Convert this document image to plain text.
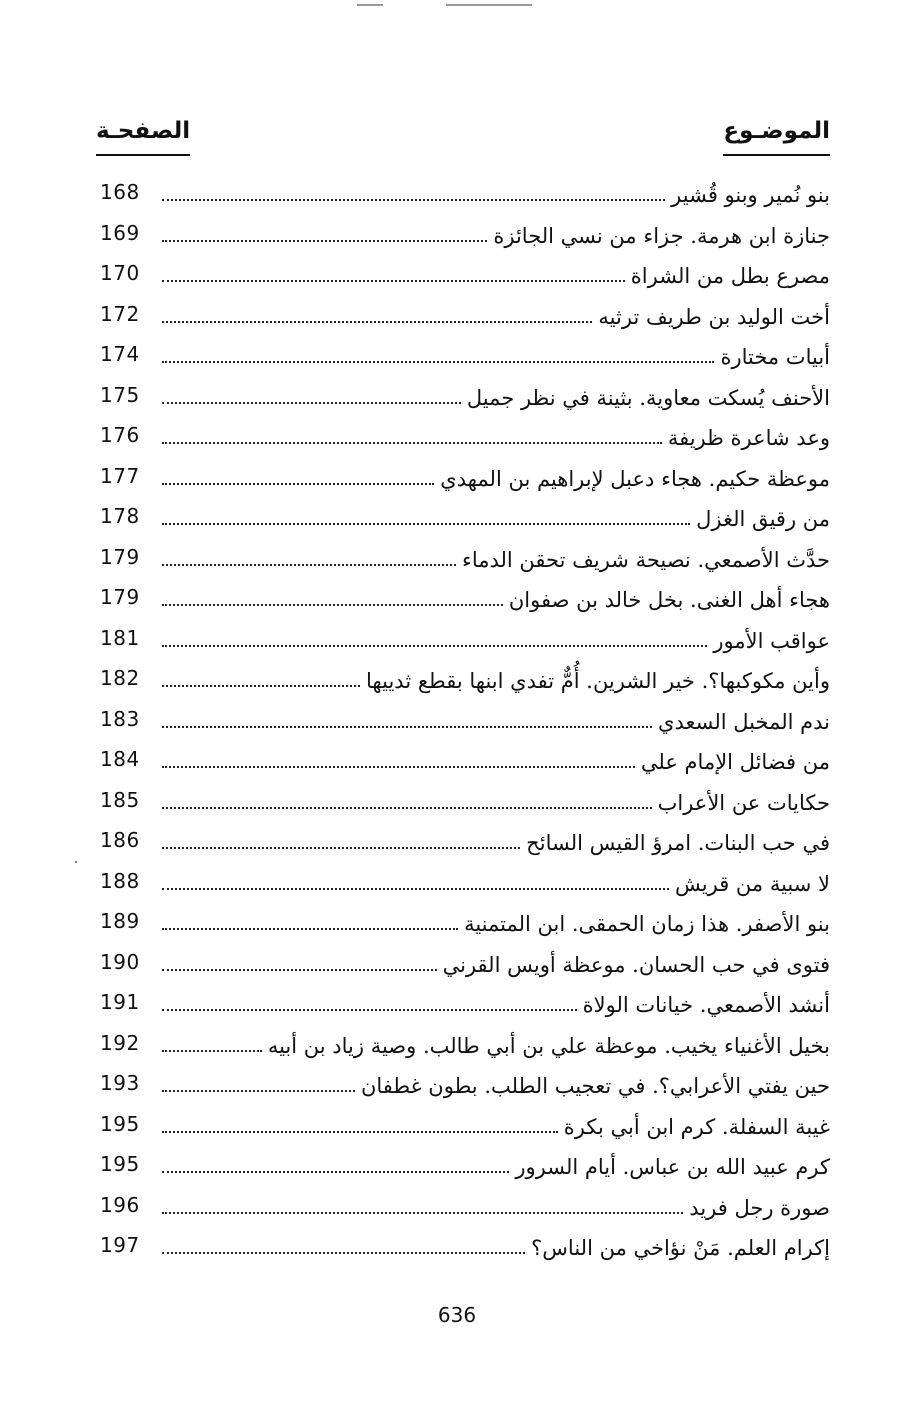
الموضـوع
الصفحـة
168	بنو نُمير وبنو قُشير
169	جنازة ابن هرمة. جزاء من نسي الجائزة
170	مصرع بطل من الشراة
172	أخت الوليد بن طريف ترثيه
174	أبيات مختارة
175	الأحنف يُسكت معاوية. بثينة في نظر جميل
176	وعد شاعرة ظريفة
177	موعظة حكيم. هجاء دعبل لإبراهيم بن المهدي
178	من رقيق الغزل
179	حدَّث الأصمعي. نصيحة شريف تحقن الدماء
179	هجاء أهل الغنى. بخل خالد بن صفوان
181	عواقب الأمور
182	وأين مكوكبها؟. خير الشرين. أُمٌّ تفدي ابنها بقطع ثدييها
183	ندم المخبل السعدي
184	من فضائل الإمام علي
185	حكايات عن الأعراب
186	في حب البنات. امرؤ القيس السائح
188	لا سبية من قريش
189	بنو الأصفر. هذا زمان الحمقى. ابن المتمنية
190	فتوى في حب الحسان. موعظة أويس القرني
191	أنشد الأصمعي. خيانات الولاة
192	بخيل الأغنياء يخيب. موعظة علي بن أبي طالب. وصية زياد بن أبيه
193	حين يفتي الأعرابي؟. في تعجيب الطلب. بطون غطفان
195	غيبة السفلة. كرم ابن أبي بكرة
195	كرم عبيد الله بن عباس. أيام السرور
196	صورة رجل فريد
197	إكرام العلم. مَنْ نؤاخي من الناس؟
636
